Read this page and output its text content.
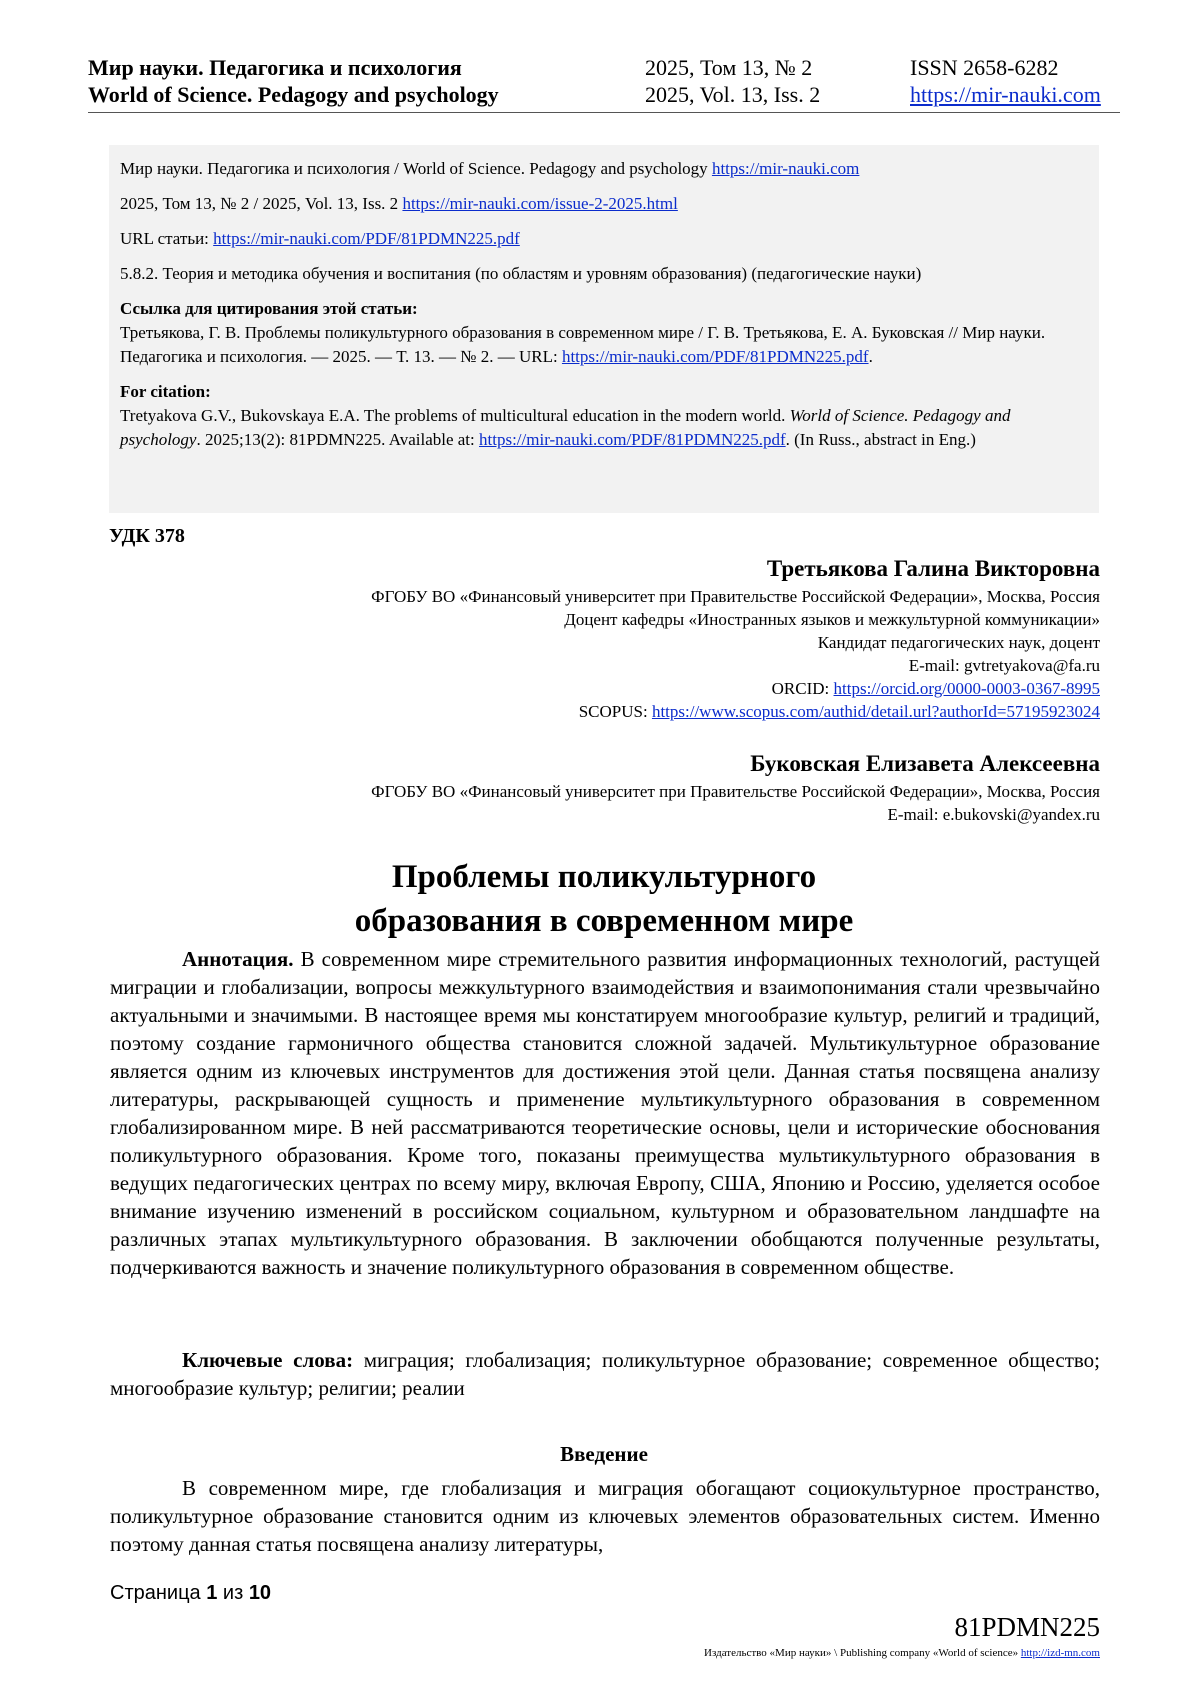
Мир науки. Педагогика и психология	2025, Том 13, № 2	ISSN 2658-6282
World of Science. Pedagogy and psychology	2025, Vol. 13, Iss. 2	https://mir-nauki.com

Мир науки. Педагогика и психология / World of Science. Pedagogy and psychology https://mir-nauki.com

2025, Том 13, № 2 / 2025, Vol. 13, Iss. 2 https://mir-nauki.com/issue-2-2025.html

URL статьи: https://mir-nauki.com/PDF/81PDMN225.pdf

5.8.2. Теория и методика обучения и воспитания (по областям и уровням образования) (педагогические науки)

Ссылка для цитирования этой статьи:
Третьякова, Г. В. Проблемы поликультурного образования в современном мире / Г. В. Третьякова, Е. А. Буковская // Мир науки. Педагогика и психология. — 2025. — Т. 13. — № 2. — URL: https://mir-nauki.com/PDF/81PDMN225.pdf.
For citation:
Tretyakova G.V., Bukovskaya E.A. The problems of multicultural education in the modern world. World of Science. Pedagogy and psychology. 2025;13(2): 81PDMN225. Available at: https://mir-nauki.com/PDF/81PDMN225.pdf. (In Russ., abstract in Eng.)
УДК 378
Третьякова Галина Викторовна
ФГОБУ ВО «Финансовый университет при Правительстве Российской Федерации», Москва, Россия
Доцент кафедры «Иностранных языков и межкультурной коммуникации»
Кандидат педагогических наук, доцент
E-mail: gvtretyakova@fa.ru
ORCID: https://orcid.org/0000-0003-0367-8995
SCOPUS: https://www.scopus.com/authid/detail.url?authorId=57195923024
Буковская Елизавета Алексеевна
ФГОБУ ВО «Финансовый университет при Правительстве Российской Федерации», Москва, Россия
E-mail: e.bukovski@yandex.ru
Проблемы поликультурного
образования в современном мире
Аннотация. В современном мире стремительного развития информационных технологий, растущей миграции и глобализации, вопросы межкультурного взаимодействия и взаимопонимания стали чрезвычайно актуальными и значимыми. В настоящее время мы констатируем многообразие культур, религий и традиций, поэтому создание гармоничного общества становится сложной задачей. Мультикультурное образование является одним из ключевых инструментов для достижения этой цели. Данная статья посвящена анализу литературы, раскрывающей сущность и применение мультикультурного образования в современном глобализированном мире. В ней рассматриваются теоретические основы, цели и исторические обоснования поликультурного образования. Кроме того, показаны преимущества мультикультурного образования в ведущих педагогических центрах по всему миру, включая Европу, США, Японию и Россию, уделяется особое внимание изучению изменений в российском социальном, культурном и образовательном ландшафте на различных этапах мультикультурного образования. В заключении обобщаются полученные результаты, подчеркиваются важность и значение поликультурного образования в современном обществе.
Ключевые слова: миграция; глобализация; поликультурное образование; современное общество; многообразие культур; религии; реалии
Введение
В современном мире, где глобализация и миграция обогащают социокультурное пространство, поликультурное образование становится одним из ключевых элементов образовательных систем. Именно поэтому данная статья посвящена анализу литературы,
Страница 1 из 10
81PDMN225
Издательство «Мир науки» \ Publishing company «World of science» http://izd-mn.com
